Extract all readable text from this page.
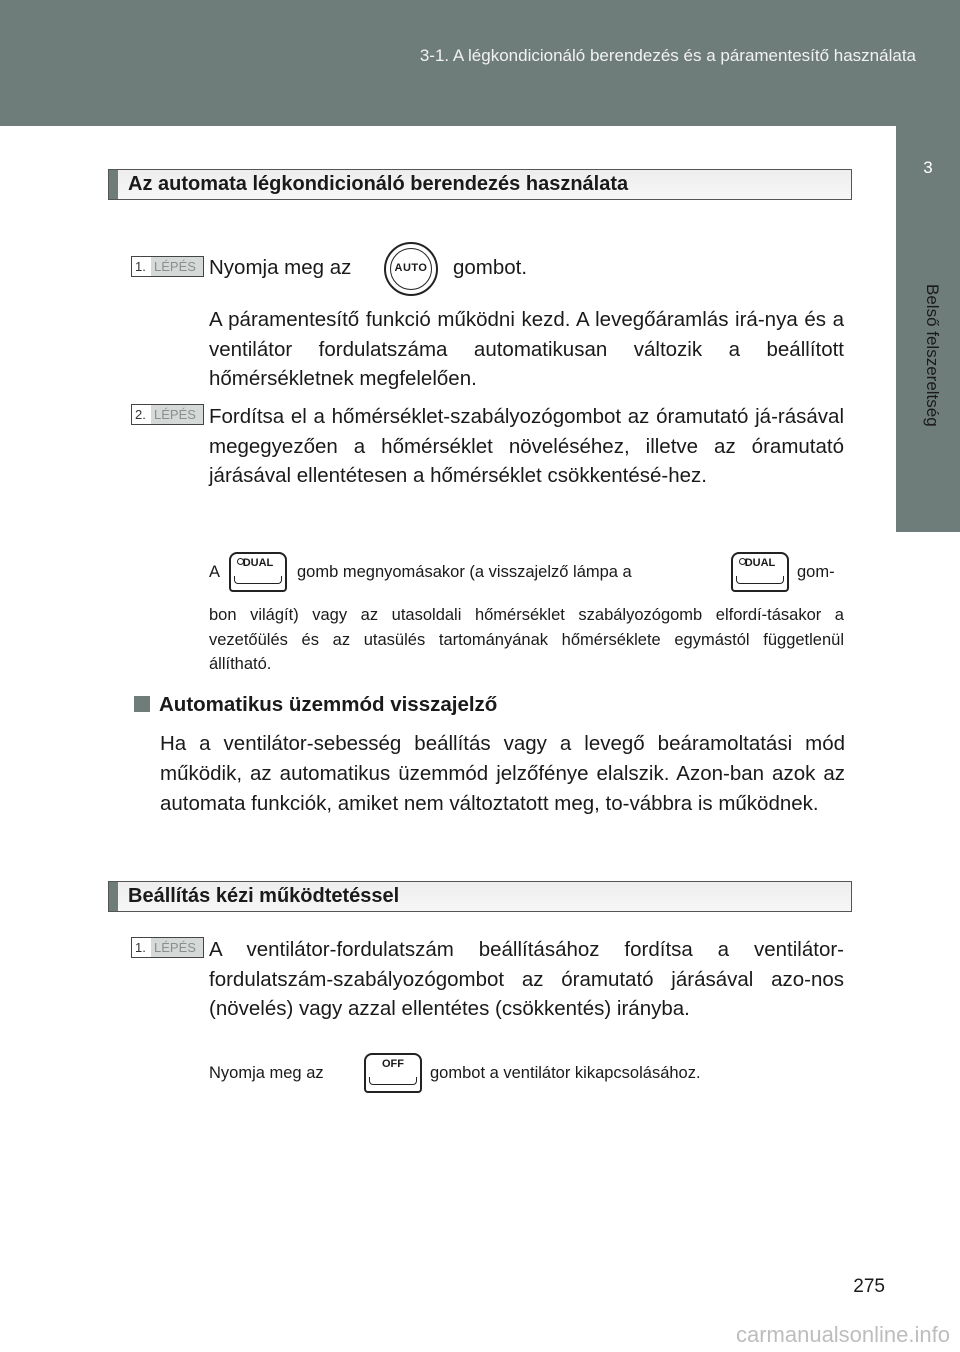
3-1. A légkondicionáló berendezés és a páramentesítő használata
3
Belső felszereltség
Az automata légkondicionáló berendezés használata
1. LÉPÉS Nyomja meg az	AUTO	gombot.
A páramentesítő funkció működni kezd. A levegőáramlás irá-nya és a ventilátor fordulatszáma automatikusan változik a beállított hőmérsékletnek megfelelően.
2. LÉPÉS Fordítsa el a hőmérséklet-szabályozógombot az óramutató já-rásával megegyezően a hőmérséklet növeléséhez, illetve az óramutató járásával ellentétesen a hőmérséklet csökkentésé-hez.
A	DUAL	gomb megnyomásakor (a visszajelző lámpa a	DUAL	gom-
bon világít) vagy az utasoldali hőmérséklet szabályozógomb elfordí-tásakor a vezetőülés és az utasülés tartományának hőmérséklete egymástól függetlenül állítható.
Automatikus üzemmód visszajelző
Ha a ventilátor-sebesség beállítás vagy a levegő beáramoltatási mód működik, az automatikus üzemmód jelzőfénye elalszik. Azon-ban azok az automata funkciók, amiket nem változtatott meg, to-vábbra is működnek.
Beállítás kézi működtetéssel
1. LÉPÉS A ventilátor-fordulatszám beállításához fordítsa a ventilátor-fordulatszám-szabályozógombot az óramutató járásával azo-nos (növelés) vagy azzal ellentétes (csökkentés) irányba.
Nyomja meg az	OFF	gombot a ventilátor kikapcsolásához.
275
carmanualsonline.info
